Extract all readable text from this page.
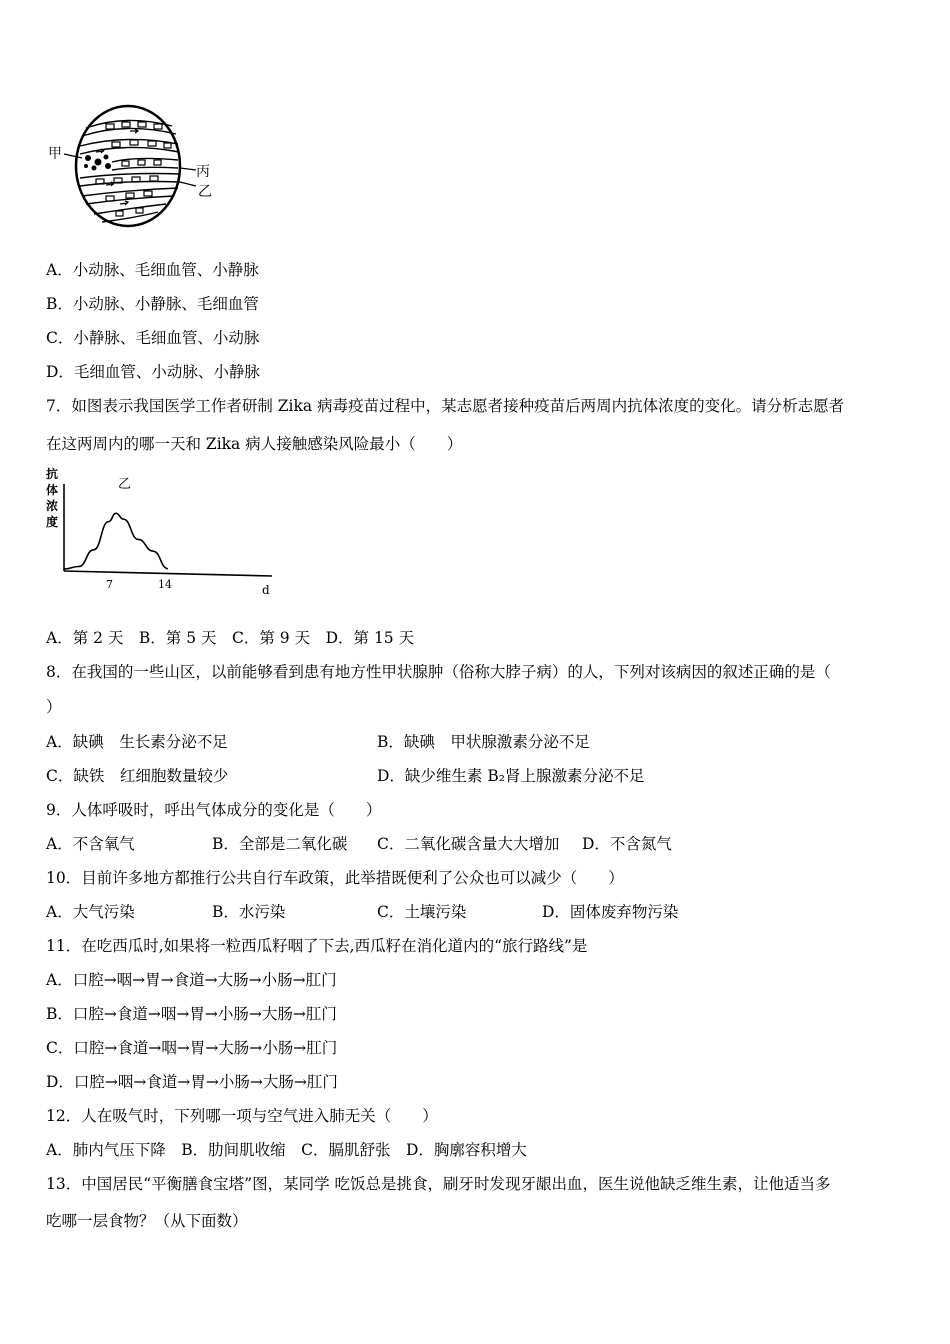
甲
丙
乙
A．小动脉、毛细血管、小静脉
B．小动脉、小静脉、毛细血管
C．小静脉、毛细血管、小动脉
D．毛细血管、小动脉、小静脉
7．如图表示我国医学工作者研制 Zika 病毒疫苗过程中，某志愿者接种疫苗后两周内抗体浓度的变化。请分析志愿者
在这两周内的哪一天和 Zika 病人接触感染风险最小（　　）
抗
体
浓
度
乙
7	14	d
A．第 2 天　B．第 5 天　C．第 9 天　D．第 15 天
8．在我国的一些山区，以前能够看到患有地方性甲状腺肿（俗称大脖子病）的人，下列对该病因的叙述正确的是（
）
A．缺碘　生长素分泌不足	B．缺碘　甲状腺激素分泌不足
C．缺铁　红细胞数量较少	D．缺少维生素 B₂肾上腺激素分泌不足
9．人体呼吸时，呼出气体成分的变化是（　　）
A．不含氧气	B．全部是二氧化碳 C．二氧化碳含量大大增加 D．不含氮气
10．目前许多地方都推行公共自行车政策，此举措既便利了公众也可以减少（　　）
A．大气污染	B．水污染	C．土壤污染	D．固体废弃物污染
11．在吃西瓜时,如果将一粒西瓜籽咽了下去,西瓜籽在消化道内的“旅行路线”是
A．口腔→咽→胃→食道→大肠→小肠→肛门
B．口腔→食道→咽→胃→小肠→大肠→肛门
C．口腔→食道→咽→胃→大肠→小肠→肛门
D．口腔→咽→食道→胃→小肠→大肠→肛门
12．人在吸气时，下列哪一项与空气进入肺无关（　　）
A．肺内气压下降　B．肋间肌收缩　C．膈肌舒张　D．胸廓容积增大
13．中国居民“平衡膳食宝塔”图，某同学 吃饭总是挑食，刷牙时发现牙龈出血，医生说他缺乏维生素，让他适当多
吃哪一层食物？（从下面数）
